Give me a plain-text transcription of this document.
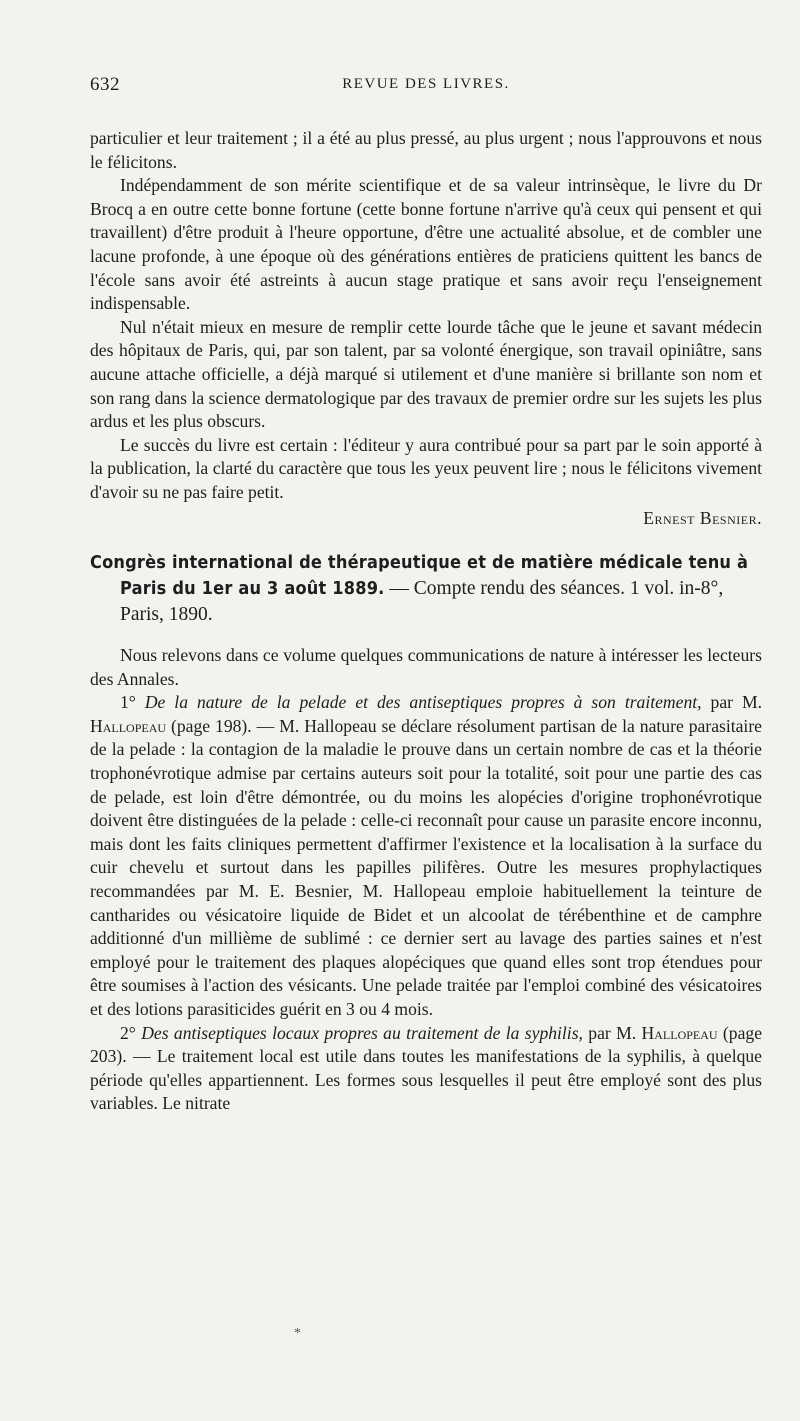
632	REVUE DES LIVRES.

particulier et leur traitement ; il a été au plus pressé, au plus urgent ; nous l'approuvons et nous le félicitons.

Indépendamment de son mérite scientifique et de sa valeur intrinsèque, le livre du Dr Brocq a en outre cette bonne fortune (cette bonne fortune n'arrive qu'à ceux qui pensent et qui travaillent) d'être produit à l'heure opportune, d'être une actualité absolue, et de combler une lacune profonde, à une époque où des générations entières de praticiens quittent les bancs de l'école sans avoir été astreints à aucun stage pratique et sans avoir reçu l'enseignement indispensable.

Nul n'était mieux en mesure de remplir cette lourde tâche que le jeune et savant médecin des hôpitaux de Paris, qui, par son talent, par sa volonté énergique, son travail opiniâtre, sans aucune attache officielle, a déjà marqué si utilement et d'une manière si brillante son nom et son rang dans la science dermatologique par des travaux de premier ordre sur les sujets les plus ardus et les plus obscurs.

Le succès du livre est certain : l'éditeur y aura contribué pour sa part par le soin apporté à la publication, la clarté du caractère que tous les yeux peuvent lire ; nous le félicitons vivement d'avoir su ne pas faire petit.

Ernest Besnier.

Congrès international de thérapeutique et de matière médicale tenu à Paris du 1er au 3 août 1889. — Compte rendu des séances. 1 vol. in-8°, Paris, 1890.

Nous relevons dans ce volume quelques communications de nature à intéresser les lecteurs des Annales.

1° De la nature de la pelade et des antiseptiques propres à son traitement, par M. Hallopeau (page 198). — M. Hallopeau se déclare résolument partisan de la nature parasitaire de la pelade : la contagion de la maladie le prouve dans un certain nombre de cas et la théorie trophonévrotique admise par certains auteurs soit pour la totalité, soit pour une partie des cas de pelade, est loin d'être démontrée, ou du moins les alopécies d'origine trophonévrotique doivent être distinguées de la pelade : celle-ci reconnaît pour cause un parasite encore inconnu, mais dont les faits cliniques permettent d'affirmer l'existence et la localisation à la surface du cuir chevelu et surtout dans les papilles pilifères. Outre les mesures prophylactiques recommandées par M. E. Besnier, M. Hallopeau emploie habituellement la teinture de cantharides ou vésicatoire liquide de Bidet et un alcoolat de térébenthine et de camphre additionné d'un millième de sublimé : ce dernier sert au lavage des parties saines et n'est employé pour le traitement des plaques alopéciques que quand elles sont trop étendues pour être soumises à l'action des vésicants. Une pelade traitée par l'emploi combiné des vésicatoires et des lotions parasiticides guérit en 3 ou 4 mois.

2° Des antiseptiques locaux propres au traitement de la syphilis, par M. Hallopeau (page 203). — Le traitement local est utile dans toutes les manifestations de la syphilis, à quelque période qu'elles appartiennent. Les formes sous lesquelles il peut être employé sont des plus variables. Le nitrate

*
